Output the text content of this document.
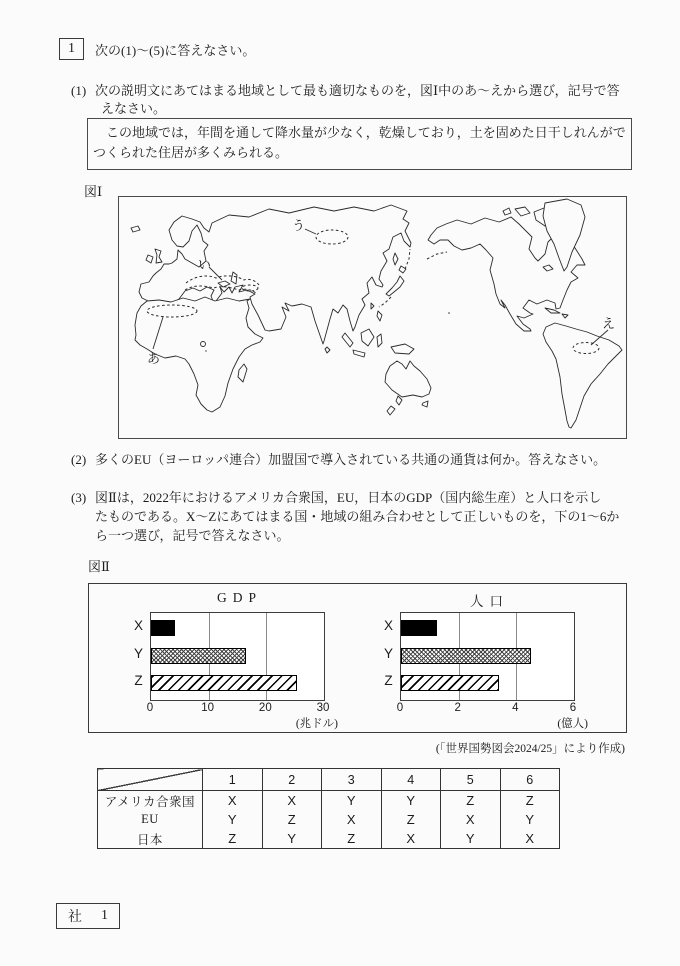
1 次の(1)～(5)に答えなさい。
(1) 次の説明文にあてはまる地域として最も適切なものを，図Ⅰ中のあ～えから選び，記号で答
えなさい。
この地域では，年間を通して降水量が少なく，乾燥しており，土を固めた日干しれんがで
つくられた住居が多くみられる。
図Ⅰ
あ
い
う
え
(2) 多くのEU（ヨーロッパ連合）加盟国で導入されている共通の通貨は何か。答えなさい。
(3) 図Ⅱは，2022年におけるアメリカ合衆国，EU，日本のGDP（国内総生産）と人口を示し
たものである。X～Zにあてはまる国・地域の組み合わせとして正しいものを，下の1～6か
ら一つ選び，記号で答えなさい。
図Ⅱ
GDP
X
Y
Z
0	10	20	30
(兆ドル)
人口
X
Y
Z
0	2	4	6
(億人)
(「世界国勢図会2024/25」により作成)
	1	2	3	4	5	6
アメリカ合衆国	X	X	Y	Y	Z	Z
EU	Y	Z	X	Z	X	Y
日本	Z	Y	Z	X	Y	X
社 1
